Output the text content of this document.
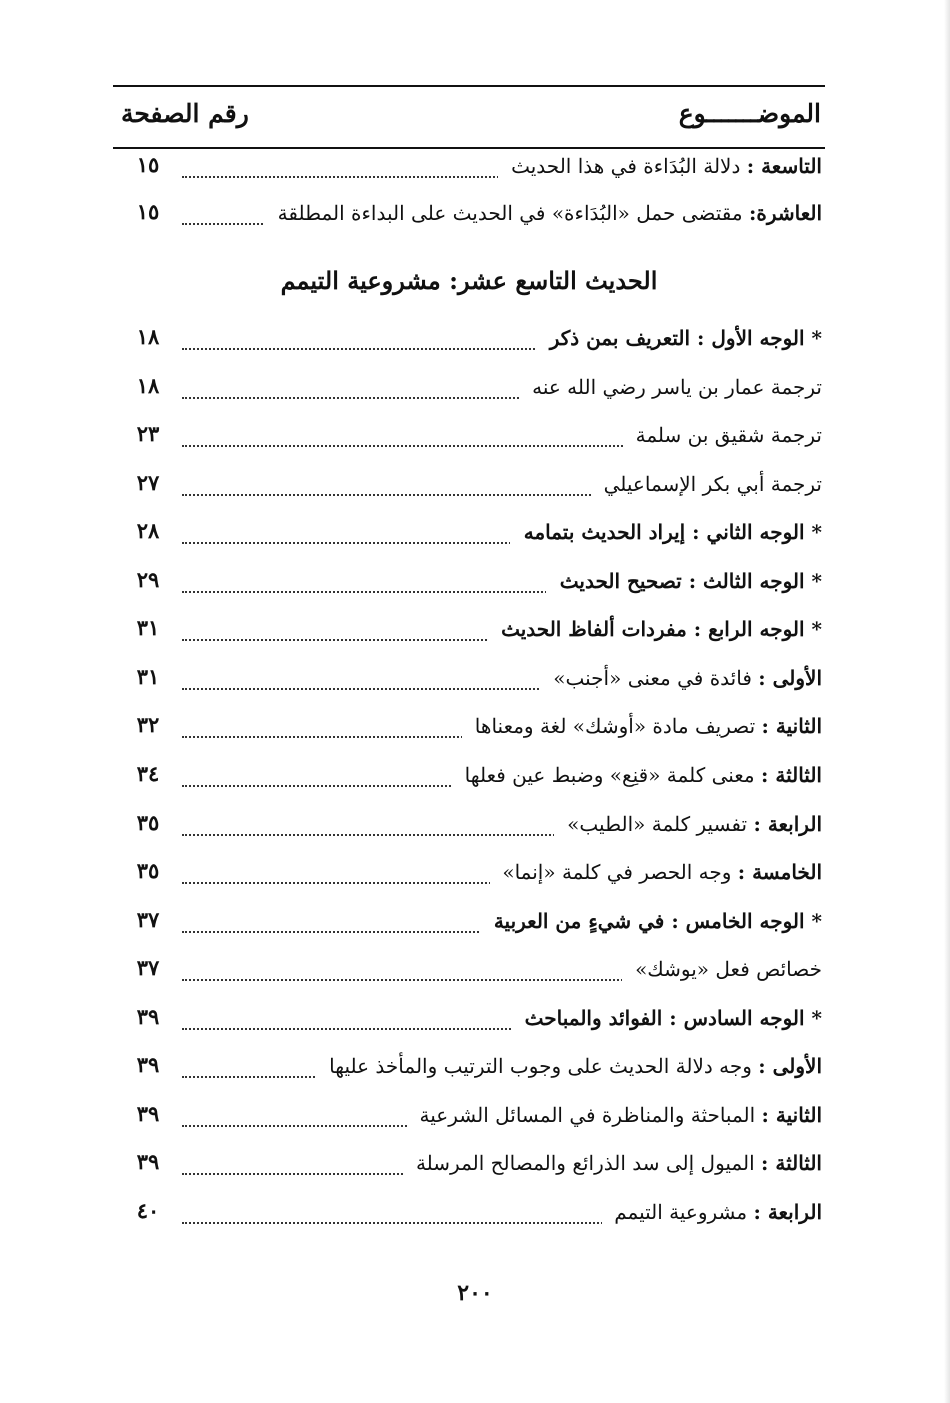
الموضـــــــوع
رقم الصفحة
التاسعة : دلالة البُدَاءة في هذا الحديث
١٥
العاشرة: مقتضى حمل «البُدَاءة» في الحديث على البداءة المطلقة
١٥
الحديث التاسع عشر: مشروعية التيمم
* الوجه الأول : التعريف بمن ذكر
١٨
ترجمة عمار بن ياسر رضي الله عنه
١٨
ترجمة شقيق بن سلمة
٢٣
ترجمة أبي بكر الإسماعيلي
٢٧
* الوجه الثاني : إيراد الحديث بتمامه
٢٨
* الوجه الثالث : تصحيح الحديث
٢٩
* الوجه الرابع : مفردات ألفاظ الحديث
٣١
الأولى : فائدة في معنى «أجنب»
٣١
الثانية : تصريف مادة «أوشك» لغة ومعناها
٣٢
الثالثة : معنى كلمة «قنِع» وضبط عين فعلها
٣٤
الرابعة : تفسير كلمة «الطيب»
٣٥
الخامسة : وجه الحصر في كلمة «إنما»
٣٥
* الوجه الخامس : في شيءٍ من العربية
٣٧
خصائص فعل «يوشك»
٣٧
* الوجه السادس : الفوائد والمباحث
٣٩
الأولى : وجه دلالة الحديث على وجوب الترتيب والمأخذ عليها
٣٩
الثانية : المباحثة والمناظرة في المسائل الشرعية
٣٩
الثالثة : الميول إلى سد الذرائع والمصالح المرسلة
٣٩
الرابعة : مشروعية التيمم
٤٠
٢٠٠
